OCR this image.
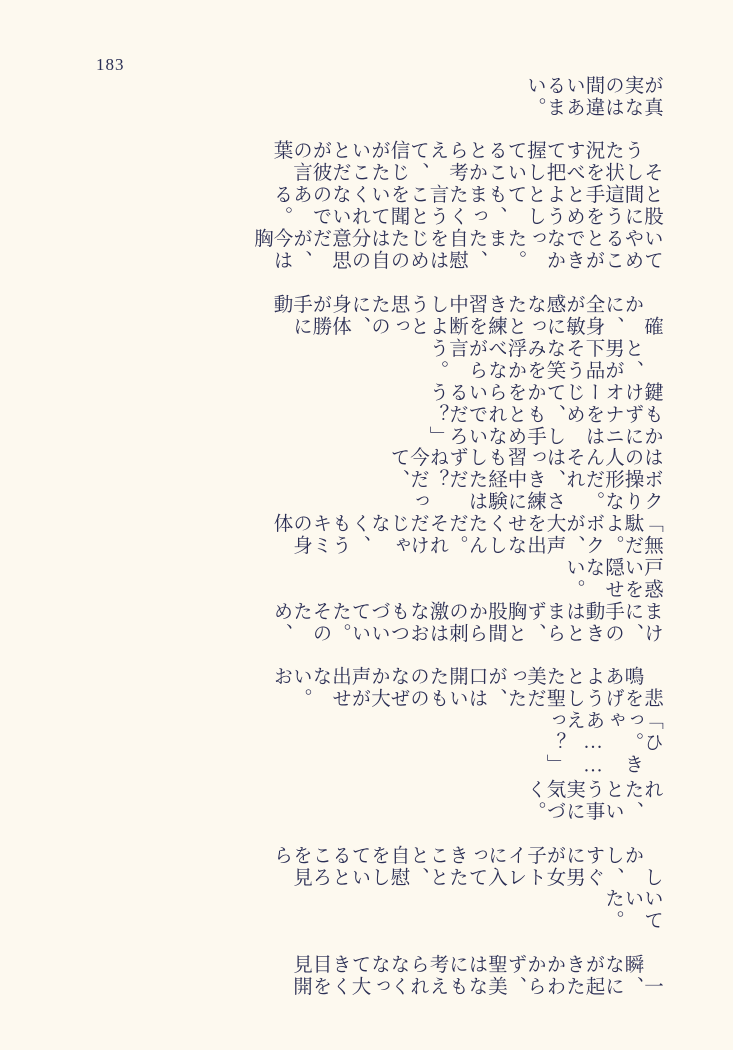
183
　一瞬、なにが起きたかわからず、聖美はなにも考えられなくなって大きく目を見開
いていた。
　しかし、すぐに男が女子トイレに入ってきたことと、自慰をしているところを見ら
れた、という事実に気づく。
「ひっ。きゃあ……えっ？」
　悲鳴をあげようとした聖美だったが、口は開いたもののなぜか大声が出せない。お
まけに、手の動きはとまらず、胸と股間からの刺激はなおもつづいていた。そのため、
戸惑いを隠せない。
「無駄だよ。ボクが、大声を出せなくしたんだ。それだけじゃなく、もうキミの身体
はボクの操り人形なんだ。それは、さっき練習中にも経験したはずだね？　今だって、
鍵もかけずにオナニーをはじめて、しかも手をとめられないでいるだろう？」
　と、男が下品そうな笑みを浮かべながら言う。
　確かに、全身が敏感になったとき練習を中断しようと思ったのに、身体が勝手に動
いてやめることができなかった。また、自慰をはじめたのは自分の意思だが、今は胸
と股間に這う手をとめようとしても、まったく言うことを聞いてくれないのである。
　そうした状況をすべて把握していることから考えて、信じがたいことだが彼の言葉
が真実なのは間違いあるまい。
